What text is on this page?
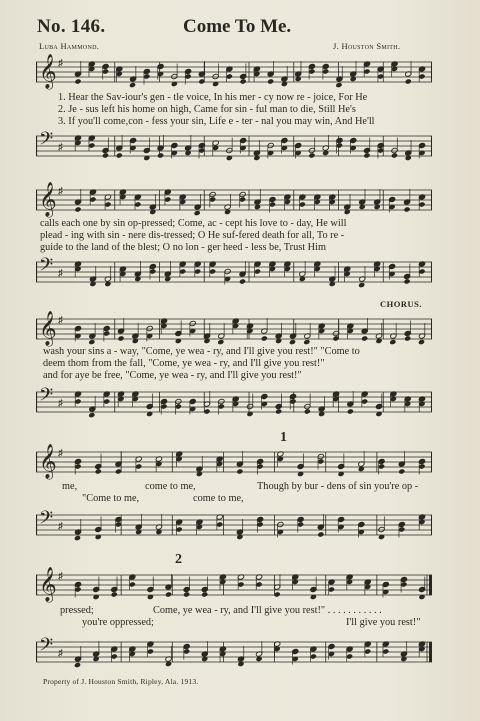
No. 146.	Come To Me.
Luba Hammond.	J. Houston Smith.
𝄞 ♯
1. Hear the Sav-iour's gen - tle voice, In his mer - cy now re - joice, For He
2. Je - sus left his home on high, Came for sin - ful man to die, Still He's
3. If you'll come,con - fess your sin, Life e - ter - nal you may win, And He'll
𝄢 ♯
𝄞 ♯
calls each one by sin op-pressed; Come, ac - cept his love to - day, He will
plead - ing with sin - nere dis-tressed; O He suf-fered death for all, To re -
guide to the land of the blest; O no lon - ger heed - less be, Trust Him
𝄢 ♯
CHORUS.
𝄞 ♯
wash your sins a - way, "Come, ye wea - ry, and I'll give you rest!" "Come to
deem thom from the fall, "Come, ye wea - ry, and I'll give you rest!"
and for aye be free, "Come, ye wea - ry, and I'll give you rest!"
𝄢 ♯
1
𝄞 ♯
me,	come to me,	Though by bur - dens of sin you're op -
"Come to me,	come to me,
𝄢 ♯
2
𝄞 ♯
pressed;	Come, ye wea - ry, and I'll give you rest!" . . . . . . . . . . .
you're oppressed;	I'll give you rest!"
𝄢 ♯
Property of J. Houston Smith, Ripley, Ala. 1913.
